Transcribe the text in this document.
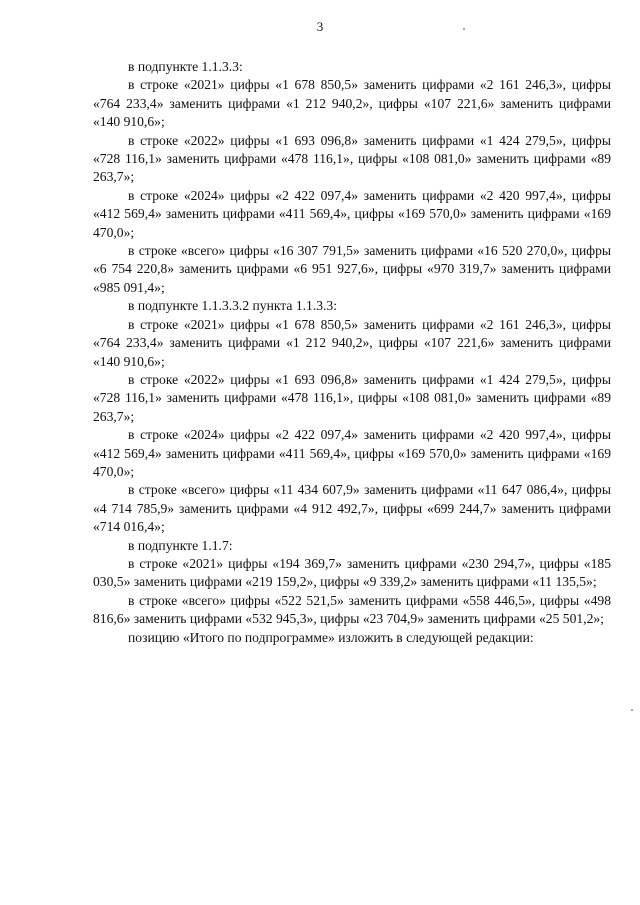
3

в подпункте 1.1.3.3:

в строке «2021» цифры «1 678 850,5» заменить цифрами «2 161 246,3», цифры «764 233,4» заменить цифрами «1 212 940,2», цифры «107 221,6» заменить цифрами «140 910,6»;

в строке «2022» цифры «1 693 096,8» заменить цифрами «1 424 279,5», цифры «728 116,1» заменить цифрами «478 116,1», цифры «108 081,0» заменить цифрами «89 263,7»;

в строке «2024» цифры «2 422 097,4» заменить цифрами «2 420 997,4», цифры «412 569,4» заменить цифрами «411 569,4», цифры «169 570,0» заменить цифрами «169 470,0»;

в строке «всего» цифры «16 307 791,5» заменить цифрами «16 520 270,0», цифры «6 754 220,8» заменить цифрами «6 951 927,6», цифры «970 319,7» заменить цифрами «985 091,4»;

в подпункте 1.1.3.3.2 пункта 1.1.3.3:

в строке «2021» цифры «1 678 850,5» заменить цифрами «2 161 246,3», цифры «764 233,4» заменить цифрами «1 212 940,2», цифры «107 221,6» заменить цифрами «140 910,6»;

в строке «2022» цифры «1 693 096,8» заменить цифрами «1 424 279,5», цифры «728 116,1» заменить цифрами «478 116,1», цифры «108 081,0» заменить цифрами «89 263,7»;

в строке «2024» цифры «2 422 097,4» заменить цифрами «2 420 997,4», цифры «412 569,4» заменить цифрами «411 569,4», цифры «169 570,0» заменить цифрами «169 470,0»;

в строке «всего» цифры «11 434 607,9» заменить цифрами «11 647 086,4», цифры «4 714 785,9» заменить цифрами «4 912 492,7», цифры «699 244,7» заменить цифрами «714 016,4»;

в подпункте 1.1.7:

в строке «2021» цифры «194 369,7» заменить цифрами «230 294,7», цифры «185 030,5» заменить цифрами «219 159,2», цифры «9 339,2» заменить цифрами «11 135,5»;

в строке «всего» цифры «522 521,5» заменить цифрами «558 446,5», цифры «498 816,6» заменить цифрами «532 945,3», цифры «23 704,9» заменить цифрами «25 501,2»;

позицию «Итого по подпрограмме» изложить в следующей редакции:
